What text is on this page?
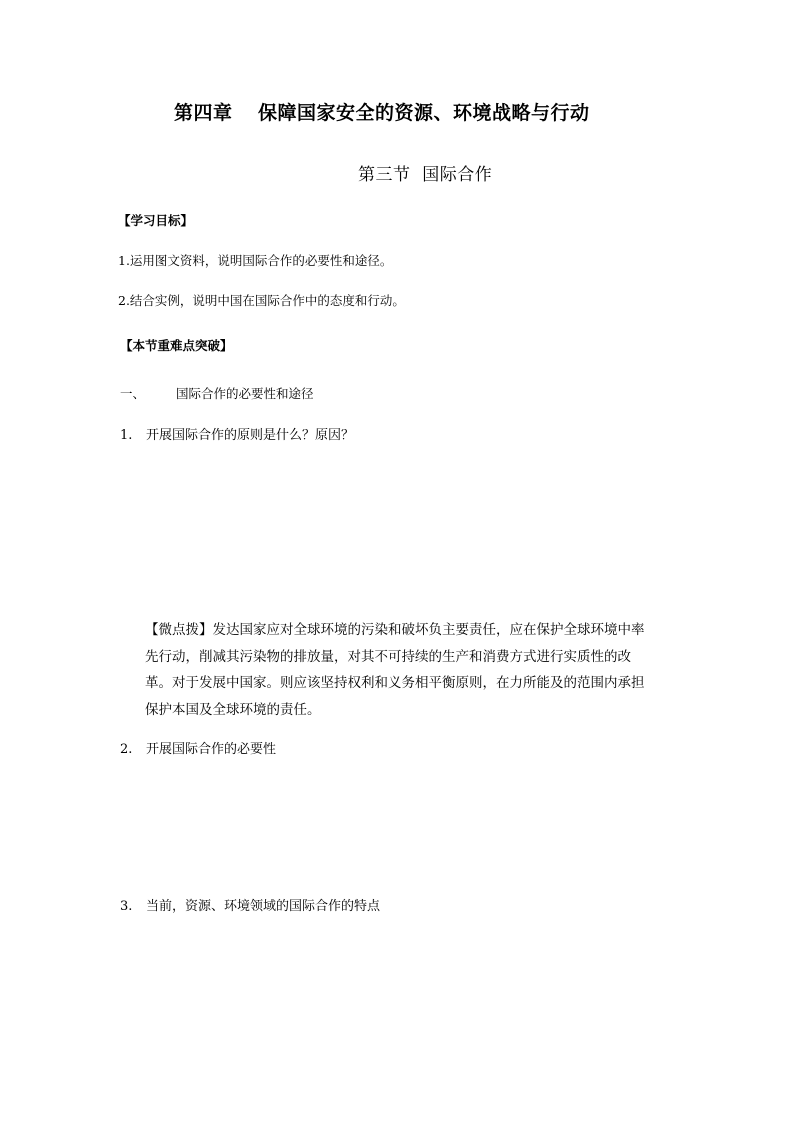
第四章 保障国家安全的资源、环境战略与行动
第三节  国际合作
【学习目标】
1.运用图文资料，说明国际合作的必要性和途径。
2.结合实例，说明中国在国际合作中的态度和行动。
【本节重难点突破】
一、 国际合作的必要性和途径
1. 开展国际合作的原则是什么？原因？
【微点拨】发达国家应对全球环境的污染和破坏负主要责任，应在保护全球环境中率
先行动，削减其污染物的排放量，对其不可持续的生产和消费方式进行实质性的改
革。对于发展中国家。则应该坚持权利和义务相平衡原则，在力所能及的范围内承担
保护本国及全球环境的责任。
2. 开展国际合作的必要性
3. 当前，资源、环境领域的国际合作的特点
